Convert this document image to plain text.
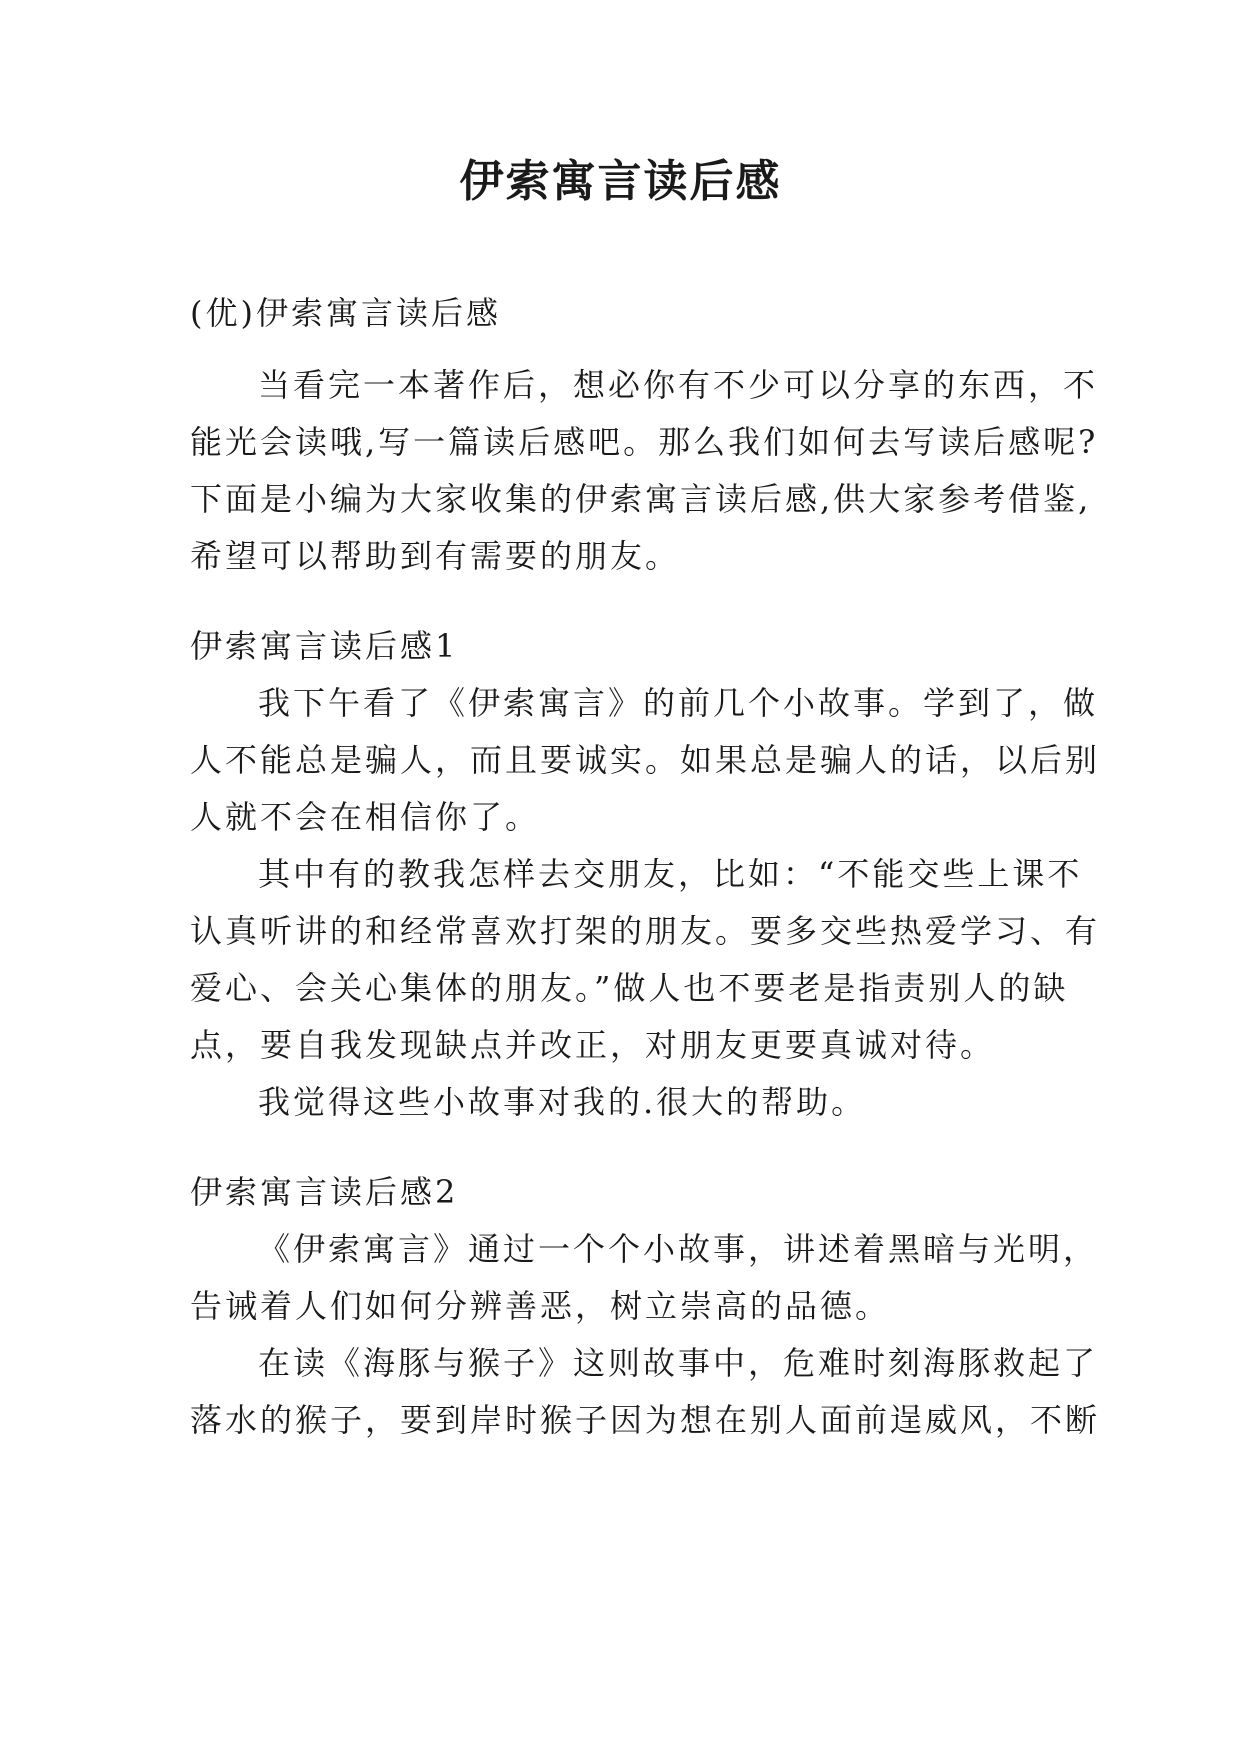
伊索寓言读后感
(优)伊索寓言读后感
当看完一本著作后，想必你有不少可以分享的东西，不
能光会读哦,写一篇读后感吧。那么我们如何去写读后感呢?
下面是小编为大家收集的伊索寓言读后感,供大家参考借鉴,
希望可以帮助到有需要的朋友。
伊索寓言读后感1
我下午看了《伊索寓言》的前几个小故事。学到了，做
人不能总是骗人，而且要诚实。如果总是骗人的话，以后别
人就不会在相信你了。
其中有的教我怎样去交朋友，比如：“不能交些上课不
认真听讲的和经常喜欢打架的朋友。要多交些热爱学习、有
爱心、会关心集体的朋友。”做人也不要老是指责别人的缺
点，要自我发现缺点并改正，对朋友更要真诚对待。
我觉得这些小故事对我的.很大的帮助。
伊索寓言读后感2
《伊索寓言》通过一个个小故事，讲述着黑暗与光明，
告诫着人们如何分辨善恶，树立崇高的品德。
在读《海豚与猴子》这则故事中，危难时刻海豚救起了
落水的猴子，要到岸时猴子因为想在别人面前逞威风，不断
